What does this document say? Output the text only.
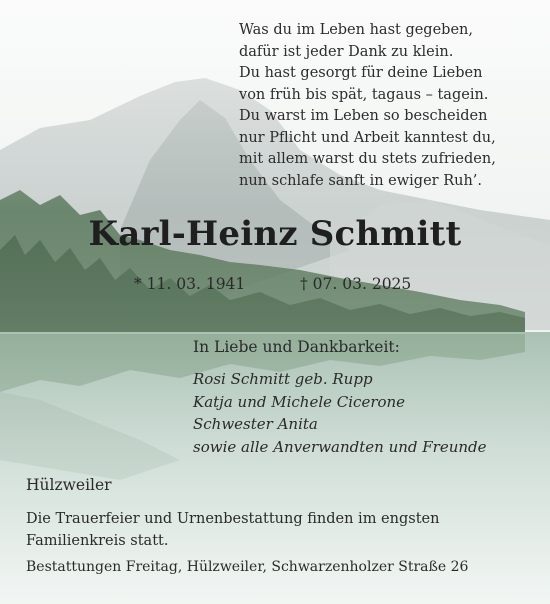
Was du im Leben hast gegeben,
dafür ist jeder Dank zu klein.
Du hast gesorgt für deine Lieben
von früh bis spät, tagaus – tagein.
Du warst im Leben so bescheiden
nur Pflicht und Arbeit kanntest du,
mit allem warst du stets zufrieden,
nun schlafe sanft in ewiger Ruh’.
Karl-Heinz Schmitt
* 11. 03. 1941	† 07. 03. 2025
In Liebe und Dankbarkeit:
Rosi Schmitt geb. Rupp
Katja und Michele Cicerone
Schwester Anita
sowie alle Anverwandten und Freunde
Hülzweiler
Die Trauerfeier und Urnenbestattung finden im engsten
Familienkreis statt.
Bestattungen Freitag, Hülzweiler, Schwarzenholzer Straße 26
